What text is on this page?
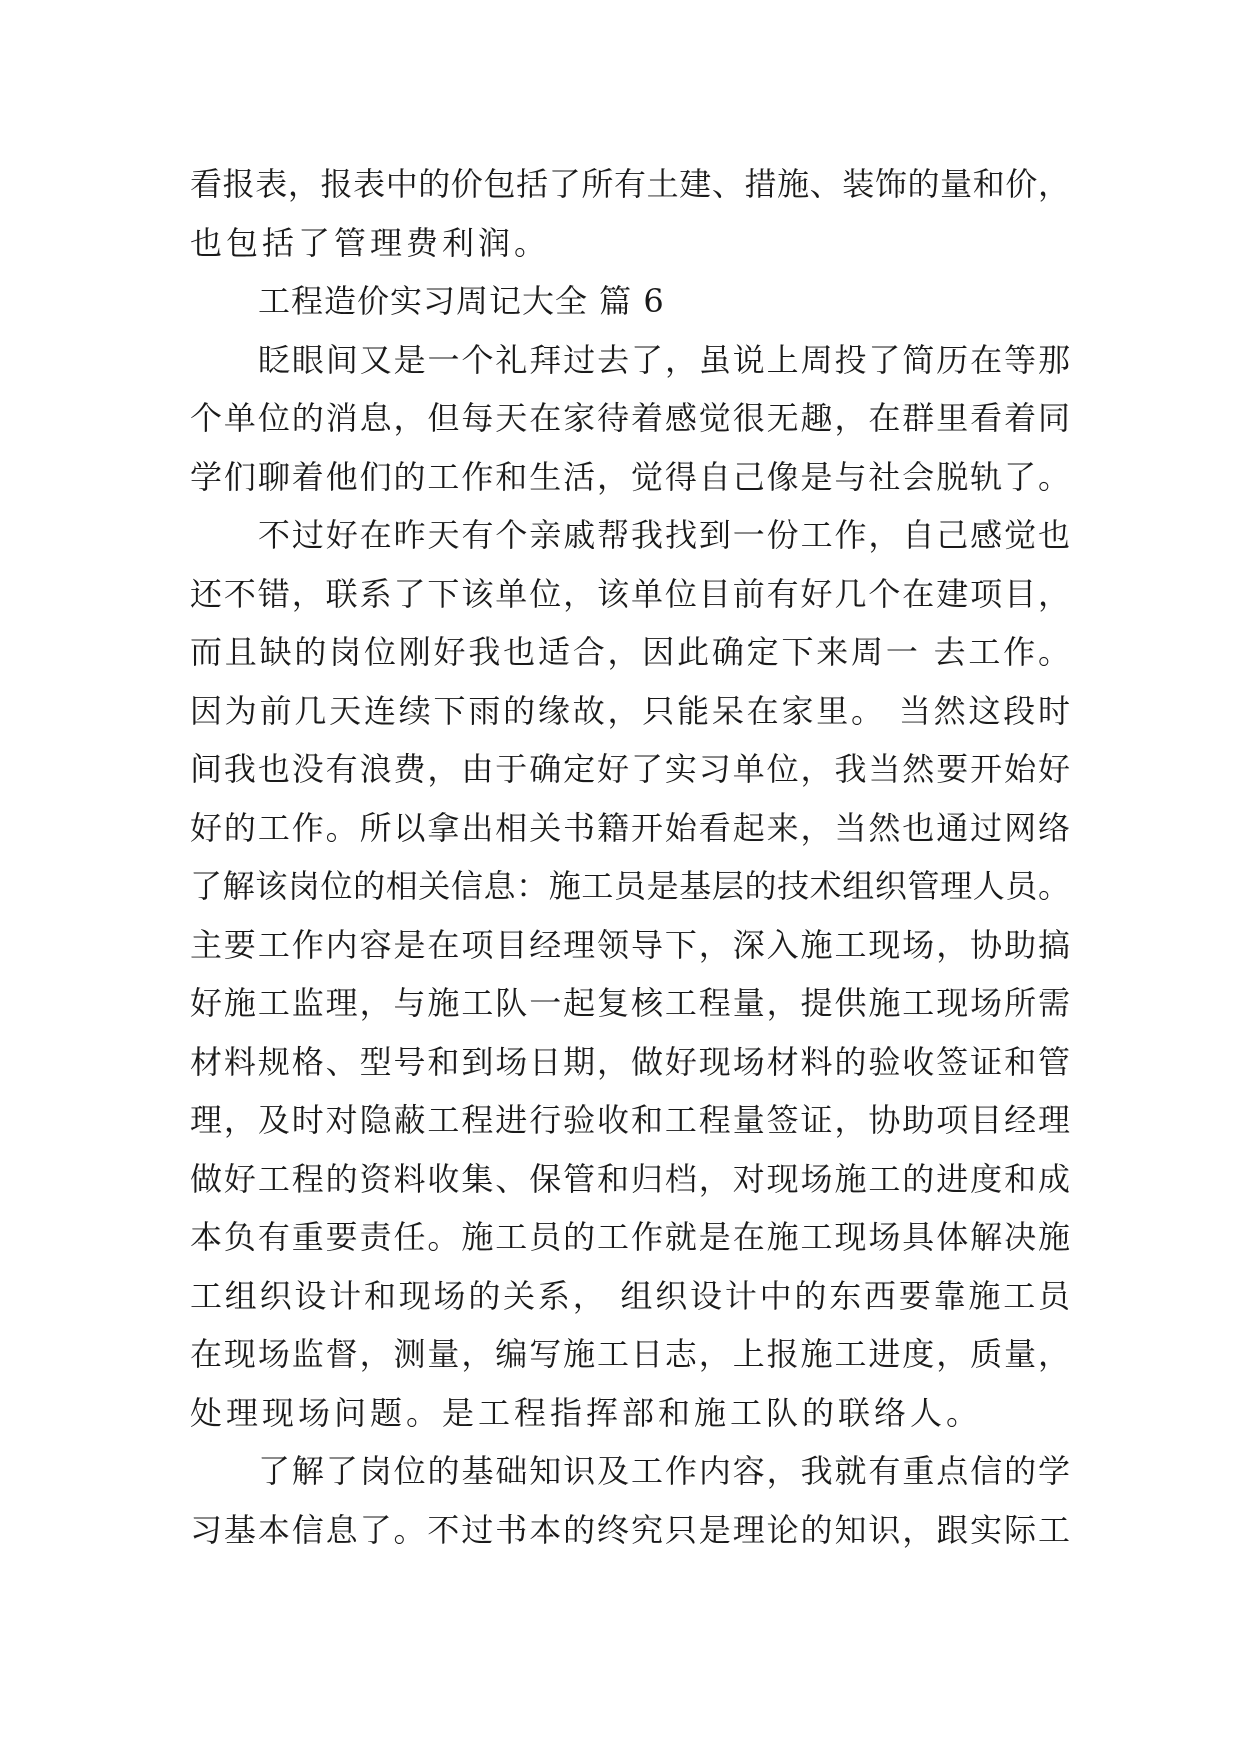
看报表，报表中的价包括了所有土建、措施、装饰的量和价，
也包括了管理费利润。
工程造价实习周记大全 篇 6
眨眼间又是一个礼拜过去了，虽说上周投了简历在等那
个单位的消息，但每天在家待着感觉很无趣，在群里看着同
学们聊着他们的工作和生活，觉得自己像是与社会脱轨了。
不过好在昨天有个亲戚帮我找到一份工作，自己感觉也
还不错，联系了下该单位，该单位目前有好几个在建项目，
而且缺的岗位刚好我也适合，因此确定下来周一 去工作。
因为前几天连续下雨的缘故，只能呆在家里。 当然这段时
间我也没有浪费，由于确定好了实习单位，我当然要开始好
好的工作。所以拿出相关书籍开始看起来，当然也通过网络
了解该岗位的相关信息：施工员是基层的技术组织管理人员。
主要工作内容是在项目经理领导下，深入施工现场，协助搞
好施工监理，与施工队一起复核工程量，提供施工现场所需
材料规格、型号和到场日期，做好现场材料的验收签证和管
理，及时对隐蔽工程进行验收和工程量签证，协助项目经理
做好工程的资料收集、保管和归档，对现场施工的进度和成
本负有重要责任。施工员的工作就是在施工现场具体解决施
工组织设计和现场的关系， 组织设计中的东西要靠施工员
在现场监督，测量，编写施工日志，上报施工进度，质量，
处理现场问题。是工程指挥部和施工队的联络人。
了解了岗位的基础知识及工作内容，我就有重点信的学
习基本信息了。不过书本的终究只是理论的知识，跟实际工
